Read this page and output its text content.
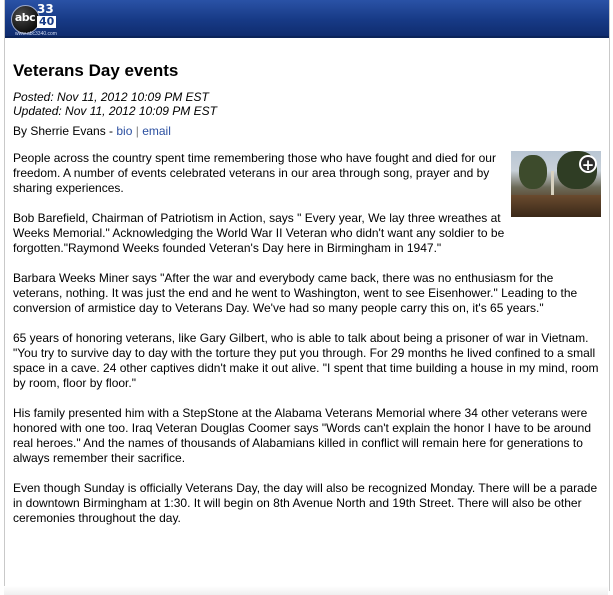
abc
33
40
www.abc3340.com
Veterans Day events
Posted: Nov 11, 2012 10:09 PM EST
Updated: Nov 11, 2012 10:09 PM EST
By Sherrie Evans - bio | email
+

People across the country spent time remembering those who have fought and died for our freedom. A number of events celebrated veterans in our area through song, prayer and by sharing experiences.

Bob Barefield, Chairman of Patriotism in Action, says " Every year, We lay three wreathes at Weeks Memorial." Acknowledging the World War II Veteran who didn't want any soldier to be forgotten."Raymond Weeks founded Veteran's Day here in Birmingham in 1947."

Barbara Weeks Miner says "After the war and everybody came back, there was no enthusiasm for the veterans, nothing. It was just the end and he went to Washington, went to see Eisenhower." Leading to the conversion of armistice day to Veterans Day. We've had so many people carry this on, it's 65 years."

65 years of honoring veterans, like Gary Gilbert, who is able to talk about being a prisoner of war in Vietnam. "You try to survive day to day with the torture they put you through. For 29 months he lived confined to a small space in a cave. 24 other captives didn't make it out alive. "I spent that time building a house in my mind, room by room, floor by floor."

His family presented him with a StepStone at the Alabama Veterans Memorial where 34 other veterans were honored with one too. Iraq Veteran Douglas Coomer says "Words can't explain the honor I have to be around real heroes." And the names of thousands of Alabamians killed in conflict will remain here for generations to always remember their sacrifice.

Even though Sunday is officially Veterans Day, the day will also be recognized Monday. There will be a parade in downtown Birmingham at 1:30. It will begin on 8th Avenue North and 19th Street. There will also be other ceremonies throughout the day.
